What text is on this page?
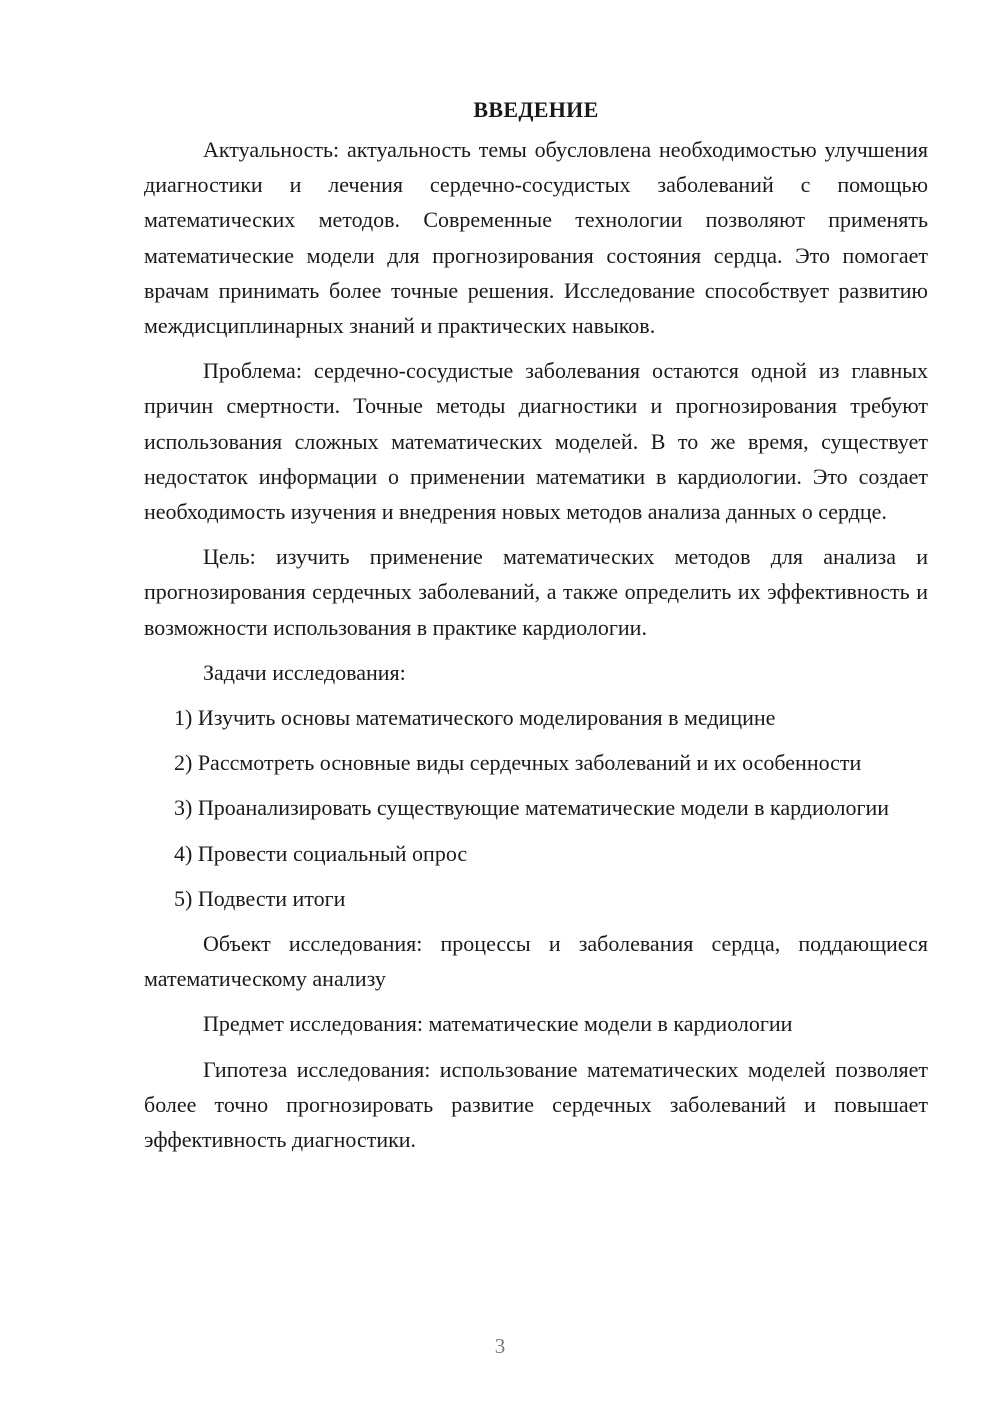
ВВЕДЕНИЕ

Актуальность: актуальность темы обусловлена необходимостью улучшения диагностики и лечения сердечно-сосудистых заболеваний с помощью математических методов. Современные технологии позволяют применять математические модели для прогнозирования состояния сердца. Это помогает врачам принимать более точные решения. Исследование способствует развитию междисциплинарных знаний и практических навыков.

Проблема: сердечно-сосудистые заболевания остаются одной из главных причин смертности. Точные методы диагностики и прогнозирования требуют использования сложных математических моделей. В то же время, существует недостаток информации о применении математики в кардиологии. Это создает необходимость изучения и внедрения новых методов анализа данных о сердце.

Цель: изучить применение математических методов для анализа и прогнозирования сердечных заболеваний, а также определить их эффективность и возможности использования в практике кардиологии.

Задачи исследования:

1) Изучить основы математического моделирования в медицине

2) Рассмотреть основные виды сердечных заболеваний и их особенности

3) Проанализировать существующие математические модели в кардиологии

4) Провести социальный опрос

5) Подвести итоги

Объект исследования: процессы и заболевания сердца, поддающиеся математическому анализу

Предмет исследования: математические модели в кардиологии

Гипотеза исследования: использование математических моделей позволяет более точно прогнозировать развитие сердечных заболеваний и повышает эффективность диагностики.

3
